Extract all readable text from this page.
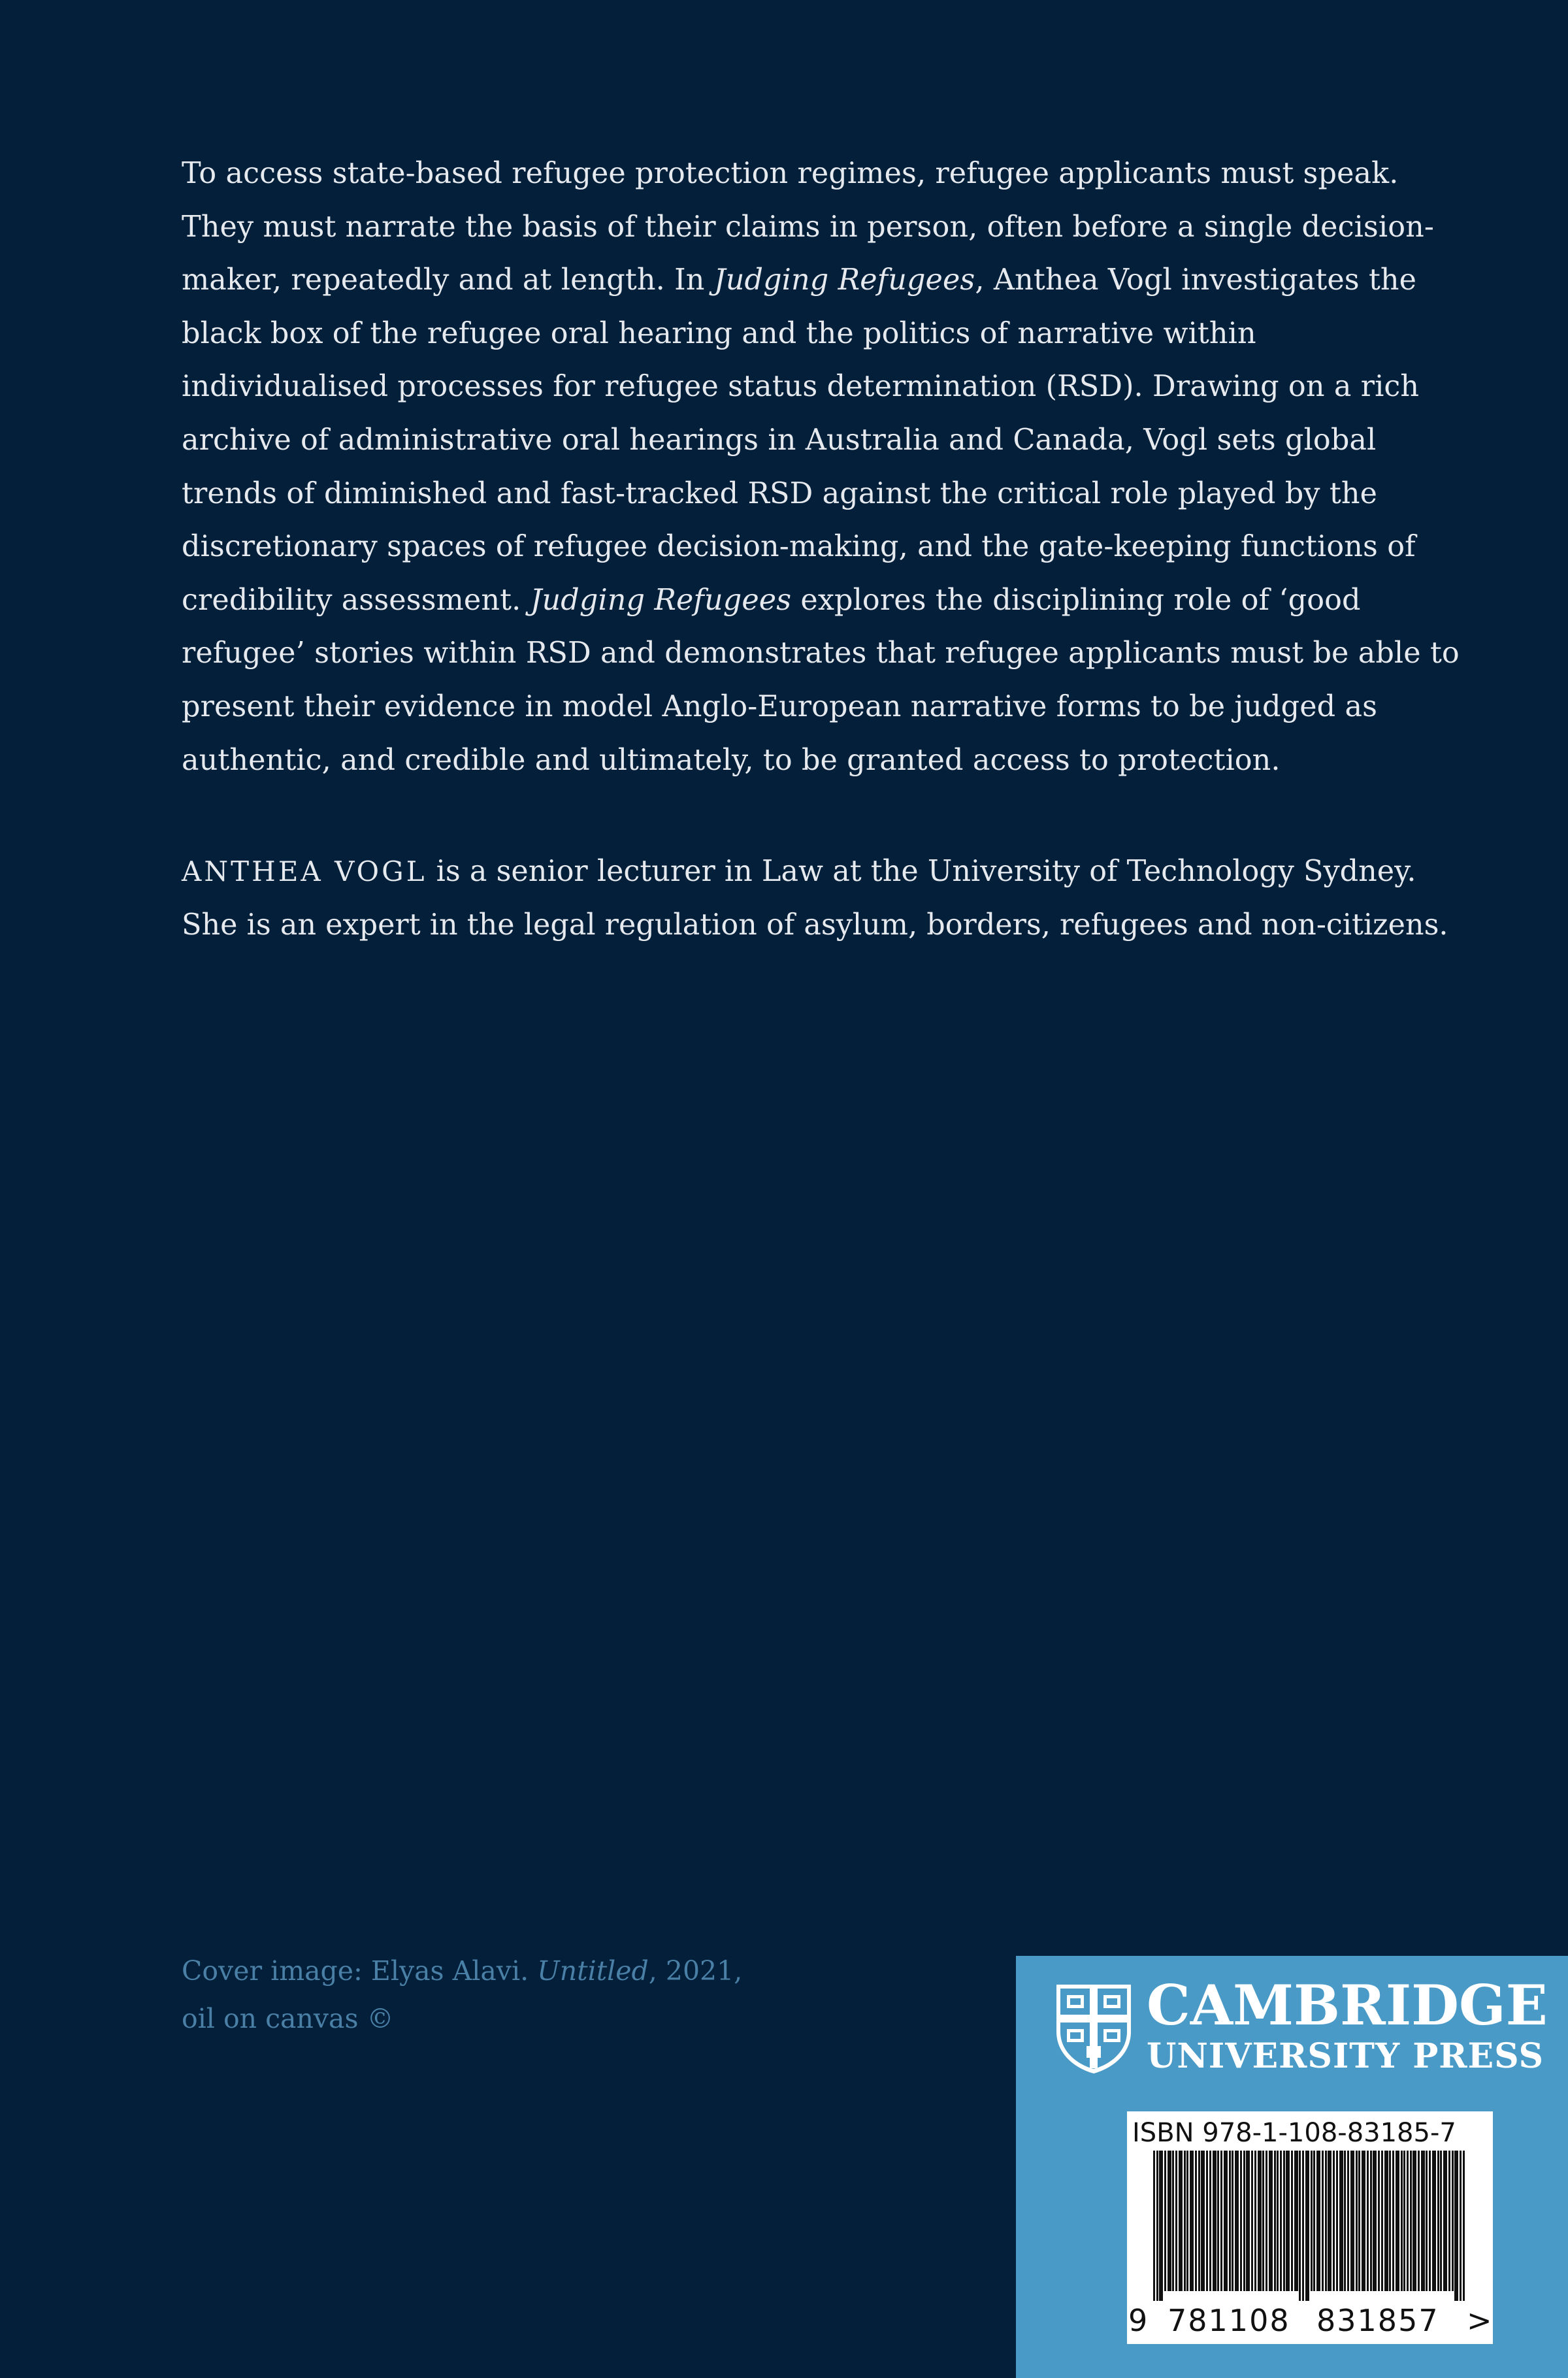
To access state-based refugee protection regimes, refugee applicants must speak. They must narrate the basis of their claims in person, often before a single decision-maker, repeatedly and at length. In Judging Refugees, Anthea Vogl investigates the black box of the refugee oral hearing and the politics of narrative within individualised processes for refugee status determination (RSD). Drawing on a rich archive of administrative oral hearings in Australia and Canada, Vogl sets global trends of diminished and fast-tracked RSD against the critical role played by the discretionary spaces of refugee decision-making, and the gate-keeping functions of credibility assessment. Judging Refugees explores the disciplining role of ‘good refugee’ stories within RSD and demonstrates that refugee applicants must be able to present their evidence in model Anglo-European narrative forms to be judged as authentic, and credible and ultimately, to be granted access to protection.

ANTHEA VOGL is a senior lecturer in Law at the University of Technology Sydney. She is an expert in the legal regulation of asylum, borders, refugees and non-citizens.

Cover image: Elyas Alavi. Untitled, 2021,
oil on canvas ©	CAMBRIDGE

UNIVERSITY PRESS

ISBN 978-1-108-83185-7

9 781108 831857 >
